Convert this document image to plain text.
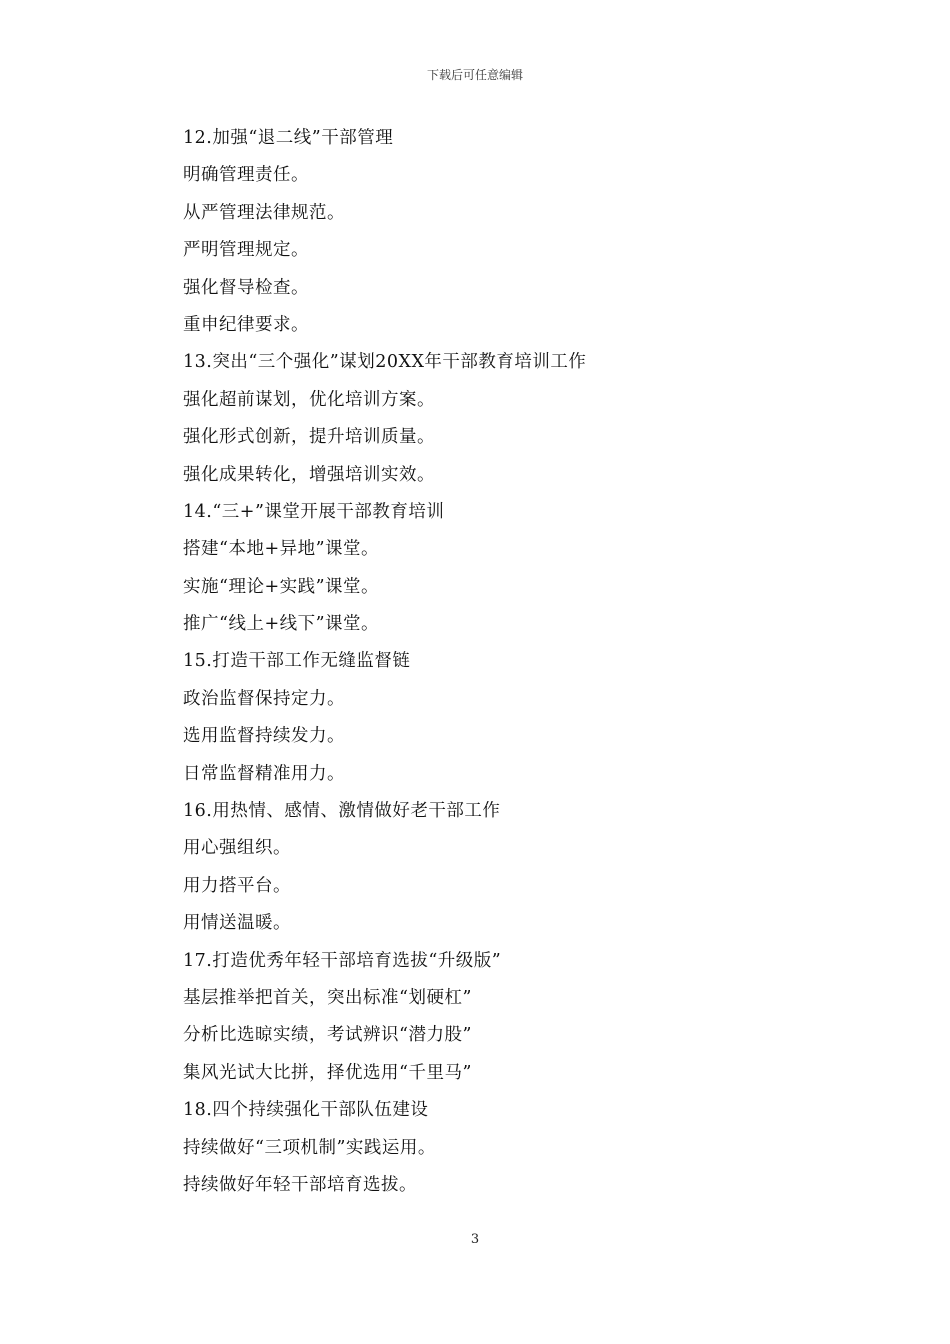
下载后可任意编辑
12.加强“退二线”干部管理
明确管理责任。
从严管理法律规范。
严明管理规定。
强化督导检查。
重申纪律要求。
13.突出“三个强化”谋划20XX年干部教育培训工作
强化超前谋划，优化培训方案。
强化形式创新，提升培训质量。
强化成果转化，增强培训实效。
14.“三+”课堂开展干部教育培训
搭建“本地+异地”课堂。
实施“理论+实践”课堂。
推广“线上+线下”课堂。
15.打造干部工作无缝监督链
政治监督保持定力。
选用监督持续发力。
日常监督精准用力。
16.用热情、感情、激情做好老干部工作
用心强组织。
用力搭平台。
用情送温暖。
17.打造优秀年轻干部培育选拔“升级版”
基层推举把首关，突出标准“划硬杠”
分析比选晾实绩，考试辨识“潜力股”
集风光试大比拼，择优选用“千里马”
18.四个持续强化干部队伍建设
持续做好“三项机制”实践运用。
持续做好年轻干部培育选拔。
3
